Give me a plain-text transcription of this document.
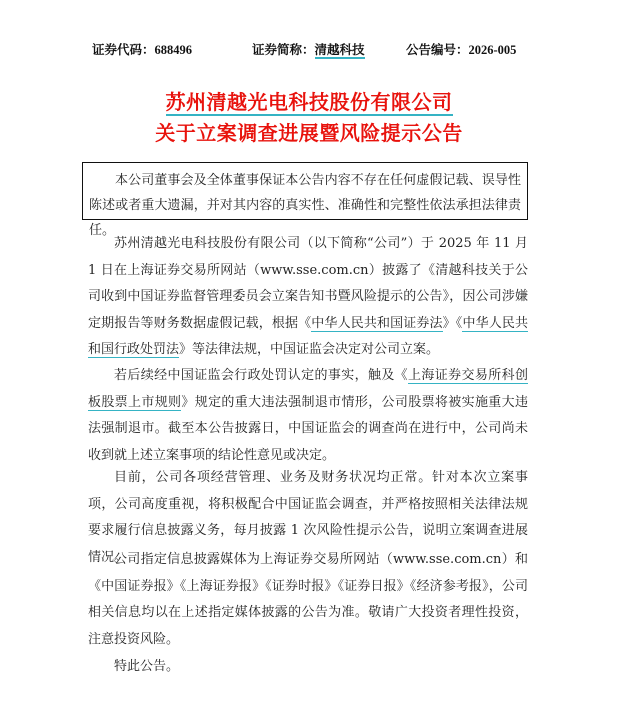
证券代码：688496	证券简称：清越科技	公告编号：2026-005
苏州清越光电科技股份有限公司
关于立案调查进展暨风险提示公告
本公司董事会及全体董事保证本公告内容不存在任何虚假记载、误导性陈述或者重大遗漏，并对其内容的真实性、准确性和完整性依法承担法律责任。
苏州清越光电科技股份有限公司（以下简称“公司”）于 2025 年 11 月 1 日在上海证券交易所网站（www.sse.com.cn）披露了《清越科技关于公司收到中国证券监督管理委员会立案告知书暨风险提示的公告》，因公司涉嫌定期报告等财务数据虚假记载，根据《中华人民共和国证券法》《中华人民共和国行政处罚法》等法律法规，中国证监会决定对公司立案。
若后续经中国证监会行政处罚认定的事实，触及《上海证券交易所科创板股票上市规则》规定的重大违法强制退市情形，公司股票将被实施重大违法强制退市。截至本公告披露日，中国证监会的调查尚在进行中，公司尚未收到就上述立案事项的结论性意见或决定。
目前，公司各项经营管理、业务及财务状况均正常。针对本次立案事项，公司高度重视，将积极配合中国证监会调查，并严格按照相关法律法规要求履行信息披露义务，每月披露 1 次风险性提示公告，说明立案调查进展情况。
公司指定信息披露媒体为上海证券交易所网站（www.sse.com.cn）和《中国证券报》《上海证券报》《证券时报》《证券日报》《经济参考报》，公司相关信息均以在上述指定媒体披露的公告为准。敬请广大投资者理性投资，注意投资风险。
特此公告。
